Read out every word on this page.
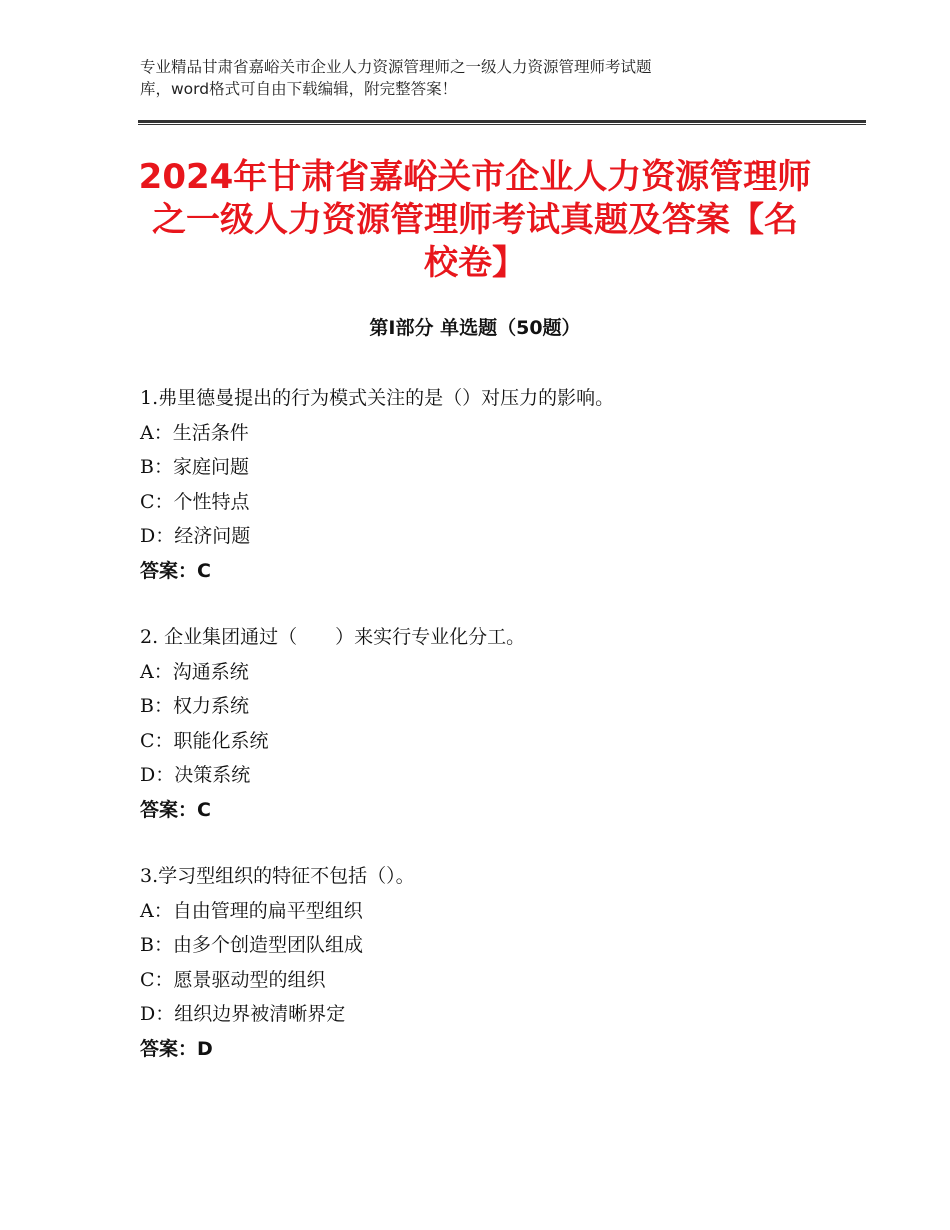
专业精品甘肃省嘉峪关市企业人力资源管理师之一级人力资源管理师考试题
库，word格式可自由下载编辑，附完整答案！
2024年甘肃省嘉峪关市企业人力资源管理师
之一级人力资源管理师考试真题及答案【名
校卷】
第Ⅰ部分 单选题（50题）
1.弗里德曼提出的行为模式关注的是（）对压力的影响。
A：生活条件
B：家庭问题
C：个性特点
D：经济问题
答案：C
2. 企业集团通过（　　）来实行专业化分工。
A：沟通系统
B：权力系统
C：职能化系统
D：决策系统
答案：C
3.学习型组织的特征不包括（）。
A：自由管理的扁平型组织
B：由多个创造型团队组成
C：愿景驱动型的组织
D：组织边界被清晰界定
答案：D
